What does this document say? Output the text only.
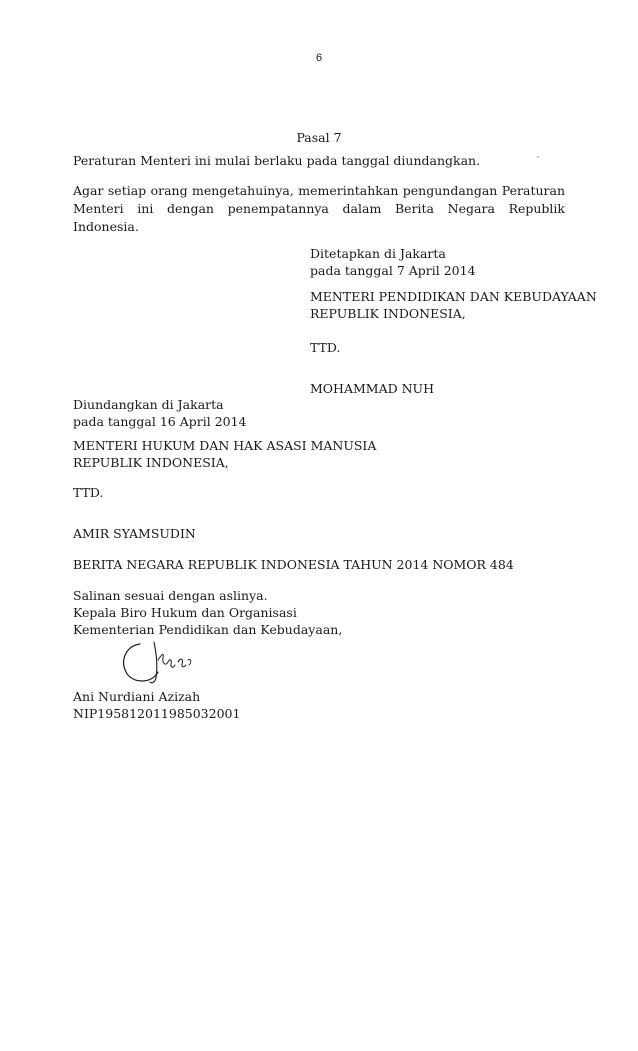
6
Pasal 7

Peraturan Menteri ini mulai berlaku pada tanggal diundangkan.

Agar setiap orang mengetahuinya, memerintahkan pengundangan Peraturan Menteri ini dengan penempatannya dalam Berita Negara Republik Indonesia.

Ditetapkan di Jakarta
pada tanggal 7 April 2014
MENTERI PENDIDIKAN DAN KEBUDAYAAN
REPUBLIK INDONESIA,
TTD.
MOHAMMAD NUH
Diundangkan di Jakarta
pada tanggal 16 April 2014
MENTERI HUKUM DAN HAK ASASI MANUSIA
REPUBLIK INDONESIA,
TTD.
AMIR SYAMSUDIN
BERITA NEGARA REPUBLIK INDONESIA TAHUN 2014 NOMOR 484
Salinan sesuai dengan aslinya.
Kepala Biro Hukum dan Organisasi
Kementerian Pendidikan dan Kebudayaan,
Ani Nurdiani Azizah
NIP195812011985032001
